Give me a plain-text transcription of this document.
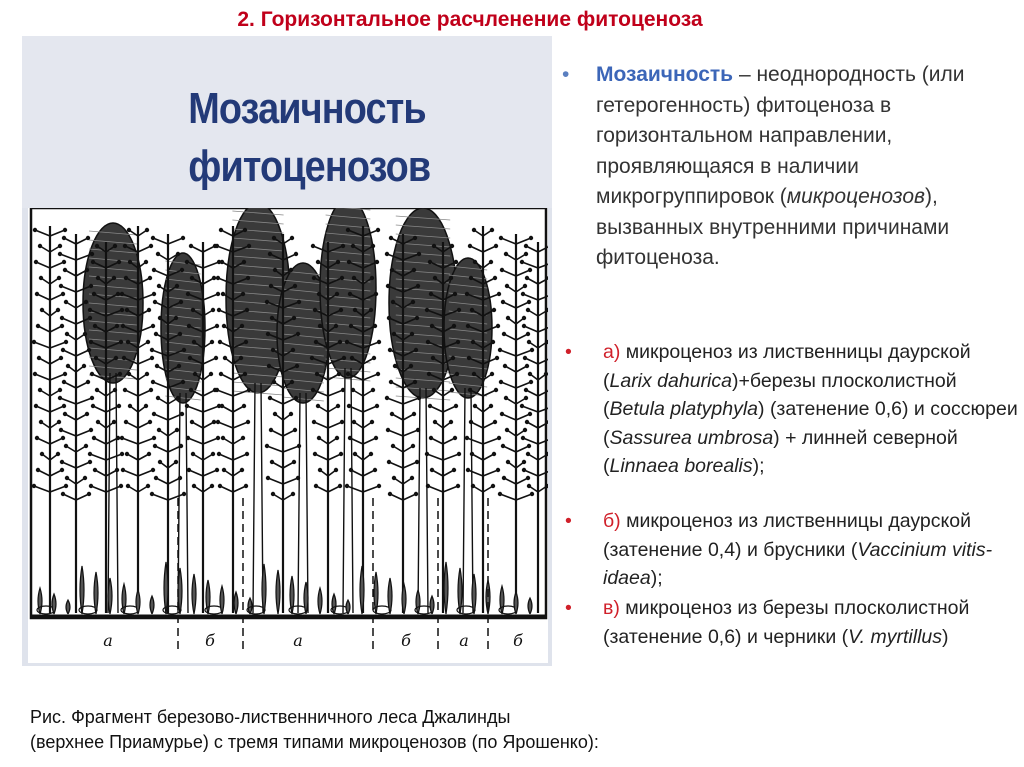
2. Горизонтальное расчленение фитоценоза
Мозаичность
фитоценозов
а	б	а	б	а	б
• Мозаичность – неоднородность (или гетерогенность) фитоценоза в горизонтальном направлении, проявляющаяся в наличии микрогруппировок (микроценозов), вызванных внутренними причинами фитоценоза.
• а) микроценоз из лиственницы даурской (Larix dahurica)+березы плосколистной (Betula platyphyla) (затенение 0,6) и соссюреи (Sassurea umbrosa) + линней северной (Linnaea borealis);
• б) микроценоз из лиственницы даурской (затенение 0,4) и брусники (Vaccinium vitis-idaea);
• в) микроценоз из березы плосколистной (затенение 0,6) и черники (V. myrtillus)
Рис. Фрагмент березово-лиственничного леса Джалинды
(верхнее Приамурье) с тремя типами микроценозов (по Ярошенко):
